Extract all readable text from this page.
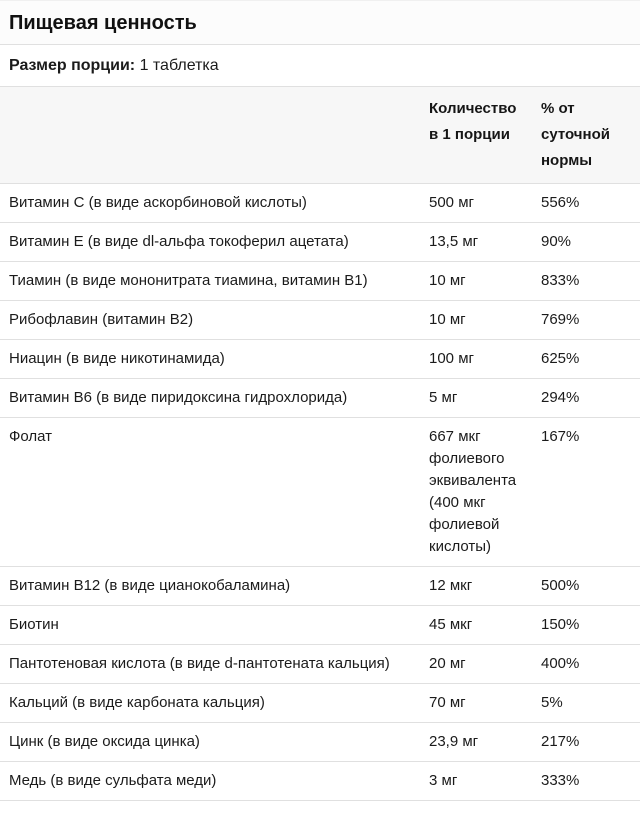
Пищевая ценность
Размер порции: 1 таблетка
	Количество в 1 порции	% от суточной нормы
Витамин C (в виде аскорбиновой кислоты)	500 мг	556%
Витамин E (в виде dl-альфа токоферил ацетата)	13,5 мг	90%
Тиамин (в виде мононитрата тиамина, витамин B1)	10 мг	833%
Рибофлавин (витамин B2)	10 мг	769%
Ниацин (в виде никотинамида)	100 мг	625%
Витамин B6 (в виде пиридоксина гидрохлорида)	5 мг	294%
Фолат	667 мкг фолиевого эквивалента (400 мкг фолиевой кислоты)	167%
Витамин B12 (в виде цианокобаламина)	12 мкг	500%
Биотин	45 мкг	150%
Пантотеновая кислота (в виде d-пантотената кальция)	20 мг	400%
Кальций (в виде карбоната кальция)	70 мг	5%
Цинк (в виде оксида цинка)	23,9 мг	217%
Медь (в виде сульфата меди)	3 мг	333%
